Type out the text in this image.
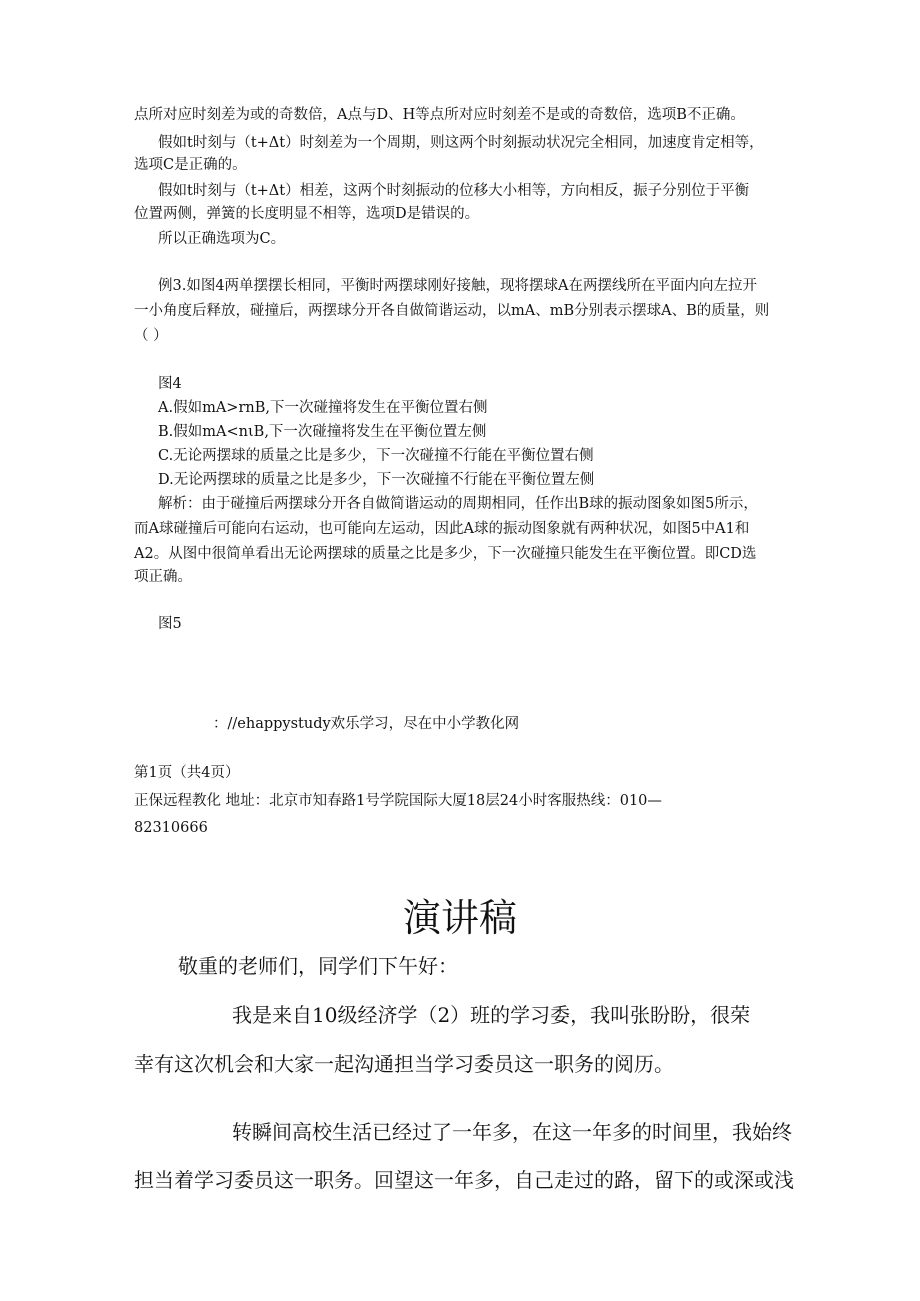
点所对应时刻差为或的奇数倍，A点与D、H等点所对应时刻差不是或的奇数倍，选项B不正确。
假如t时刻与（t+Δt）时刻差为一个周期，则这两个时刻振动状况完全相同，加速度肯定相等，
选项C是正确的。
假如t时刻与（t+Δt）相差，这两个时刻振动的位移大小相等，方向相反，振子分别位于平衡
位置两侧，弹簧的长度明显不相等，选项D是错误的。
所以正确选项为C。
例3.如图4两单摆摆长相同，平衡时两摆球刚好接触，现将摆球A在两摆线所在平面内向左拉开
一小角度后释放，碰撞后，两摆球分开各自做简谐运动，以mA、mB分别表示摆球A、B的质量，则
（ ）
图4
A.假如mA>rnB,下一次碰撞将发生在平衡位置右侧
B.假如mA<nιB,下一次碰撞将发生在平衡位置左侧
C.无论两摆球的质量之比是多少，下一次碰撞不行能在平衡位置右侧
D.无论两摆球的质量之比是多少，下一次碰撞不行能在平衡位置左侧
解析：由于碰撞后两摆球分开各自做简谐运动的周期相同，任作出B球的振动图象如图5所示，
而A球碰撞后可能向右运动，也可能向左运动，因此A球的振动图象就有两种状况，如图5中A1和
A2。从图中很简单看出无论两摆球的质量之比是多少，下一次碰撞只能发生在平衡位置。即CD选
项正确。
图5
：//ehappystudy欢乐学习，尽在中小学教化网
第1页（共4页）
正保远程教化 地址：北京市知春路1号学院国际大厦18层24小时客服热线：010—
82310666
演讲稿
敬重的老师们，同学们下午好：
我是来自10级经济学（2）班的学习委，我叫张盼盼，很荣
幸有这次机会和大家一起沟通担当学习委员这一职务的阅历。
转瞬间高校生活已经过了一年多，在这一年多的时间里，我始终
担当着学习委员这一职务。回望这一年多，自己走过的路，留下的或深或浅
